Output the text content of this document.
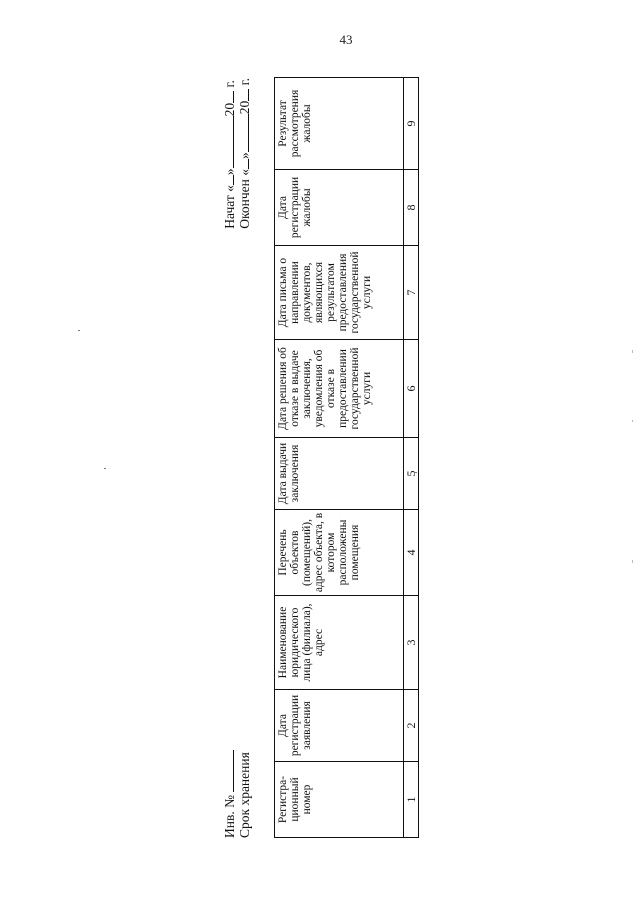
43
Инв. № Срок хранения
Начат «»20 г.
Окончен «»20 г.
Регистра-ционный номер	Дата регистрации заявления	Наименование юридического лица (филиала), адрес	Перечень объектов (помещений), адрес объекта, в котором расположены помещения	Дата выдачи заключения	Дата решения об отказе в выдаче заключения, уведомления об отказе в предоставлении государственной услуги	Дата письма о направлении документов, являющихся результатом предоставления государственной услуги	Дата регистрации жалобы	Результат рассмотрения жалобы
1	2	3	4	5	6	7	8	9
